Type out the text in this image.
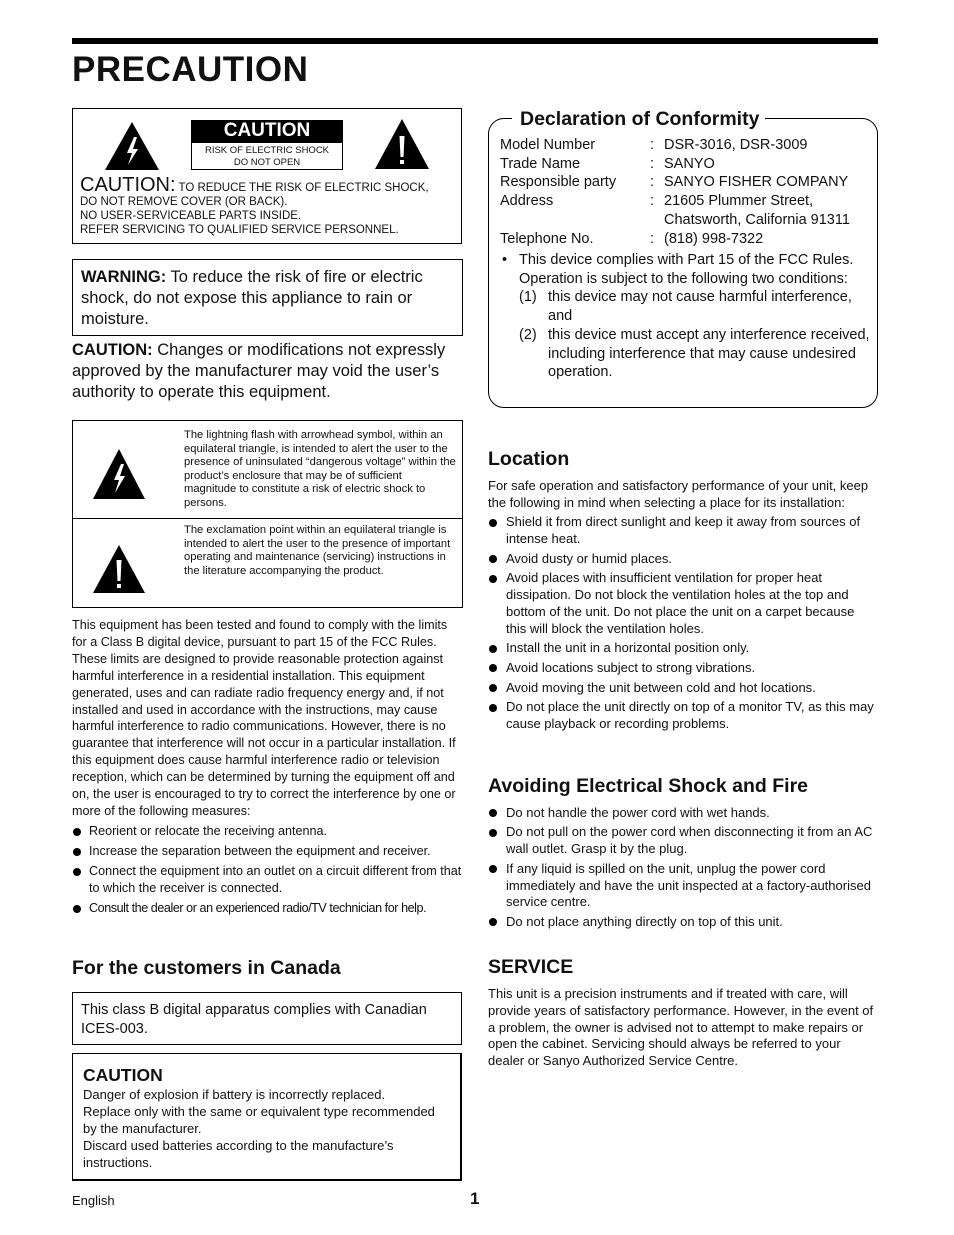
PRECAUTION
CAUTION
RISK OF ELECTRIC SHOCK
DO NOT OPEN
CAUTION: TO REDUCE THE RISK OF ELECTRIC SHOCK,
DO NOT REMOVE COVER (OR BACK).
NO USER-SERVICEABLE PARTS INSIDE.
REFER SERVICING TO QUALIFIED SERVICE PERSONNEL.
WARNING: To reduce the risk of fire or electric shock, do not expose this appliance to rain or moisture.
CAUTION: Changes or modifications not expressly approved by the manufacturer may void the user’s authority to operate this equipment.
The lightning flash with arrowhead symbol, within an equilateral triangle, is intended to alert the user to the presence of uninsulated “dangerous voltage” within the product’s enclosure that may be of sufficient magnitude to constitute a risk of electric shock to persons.
The exclamation point within an equilateral triangle is intended to alert the user to the presence of important operating and maintenance (servicing) instructions in the literature accompanying the product.
This equipment has been tested and found to comply with the limits for a Class B digital device, pursuant to part 15 of the FCC Rules. These limits are designed to provide reasonable protection against harmful interference in a residential installation. This equipment generated, uses and can radiate radio frequency energy and, if not installed and used in accordance with the instructions, may cause harmful interference to radio communications. However, there is no guarantee that interference will not occur in a particular installation. If this equipment does cause harmful interference radio or television reception, which can be determined by turning the equipment off and on, the user is encouraged to try to correct the interference by one or more of the following measures:
Reorient or relocate the receiving antenna.
Increase the separation between the equipment and receiver.
Connect the equipment into an outlet on a circuit different from that to which the receiver is connected.
Consult the dealer or an experienced radio/TV technician for help.
For the customers in Canada
This class B digital apparatus complies with Canadian ICES-003.
CAUTION
Danger of explosion if battery is incorrectly replaced.
Replace only with the same or equivalent type recommended by the manufacturer.
Discard used batteries according to the manufacture’s instructions.
English	1
Declaration of Conformity
Model Number	: DSR-3016, DSR-3009
Trade Name	: SANYO
Responsible party	: SANYO FISHER COMPANY
Address	: 21605 Plummer Street,
Chatsworth, California 91311
Telephone No.	: (818) 998-7322
• This device complies with Part 15 of the FCC Rules. Operation is subject to the following two conditions:
(1) this device may not cause harmful interference, and
(2) this device must accept any interference received, including interference that may cause undesired operation.
Location
For safe operation and satisfactory performance of your unit, keep the following in mind when selecting a place for its installation:
Shield it from direct sunlight and keep it away from sources of intense heat.
Avoid dusty or humid places.
Avoid places with insufficient ventilation for proper heat dissipation. Do not block the ventilation holes at the top and bottom of the unit. Do not place the unit on a carpet because this will block the ventilation holes.
Install the unit in a horizontal position only.
Avoid locations subject to strong vibrations.
Avoid moving the unit between cold and hot locations.
Do not place the unit directly on top of a monitor TV, as this may cause playback or recording problems.
Avoiding Electrical Shock and Fire
Do not handle the power cord with wet hands.
Do not pull on the power cord when disconnecting it from an AC wall outlet. Grasp it by the plug.
If any liquid is spilled on the unit, unplug the power cord immediately and have the unit inspected at a factory-authorised service centre.
Do not place anything directly on top of this unit.
SERVICE
This unit is a precision instruments and if treated with care, will provide years of satisfactory performance. However, in the event of a problem, the owner is advised not to attempt to make repairs or open the cabinet. Servicing should always be referred to your dealer or Sanyo Authorized Service Centre.
